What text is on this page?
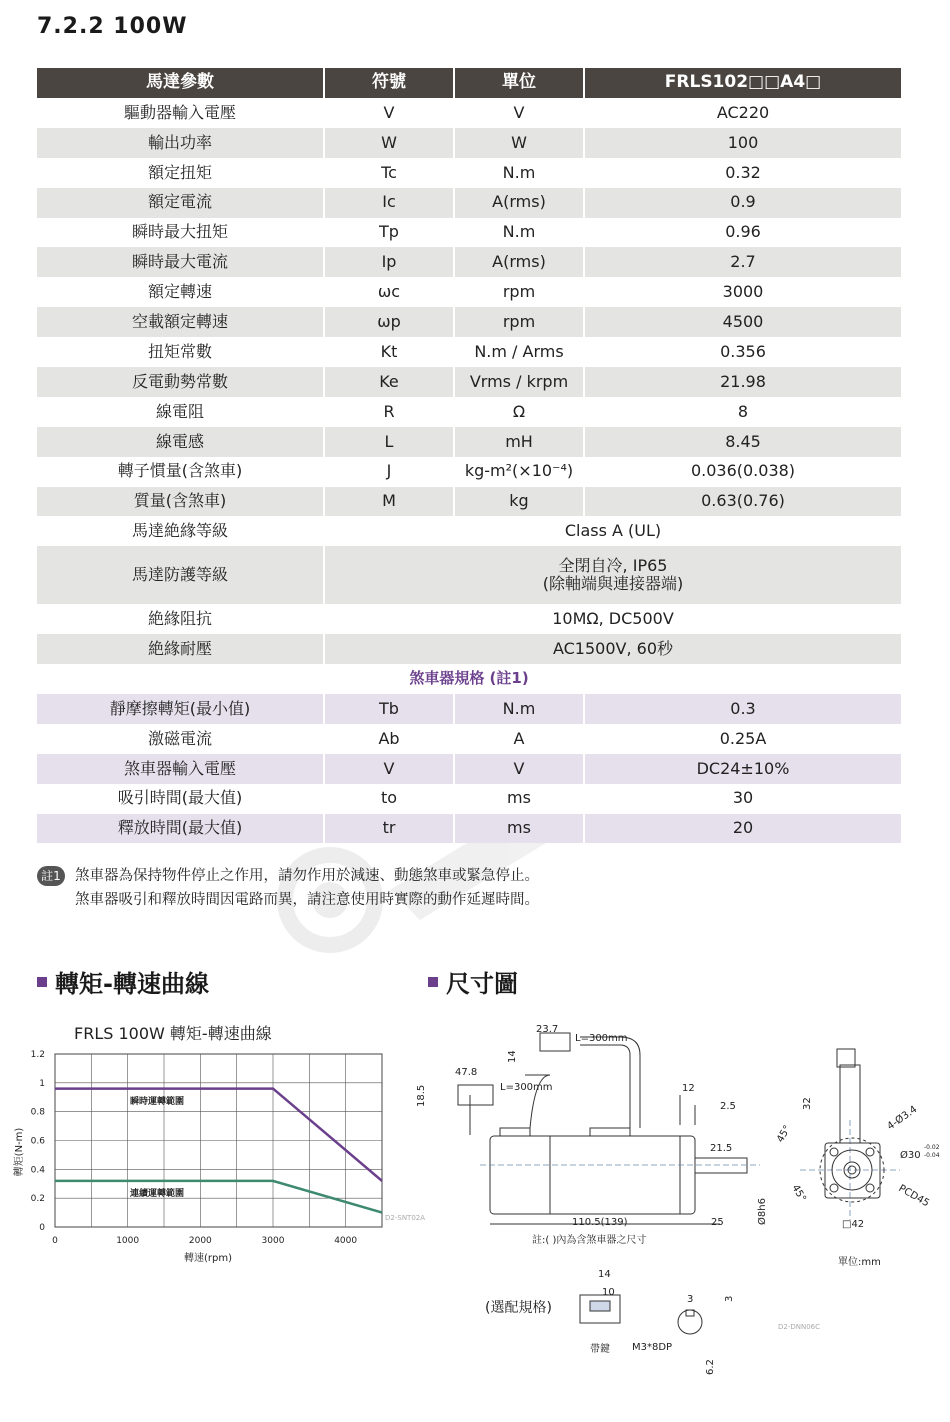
7.2.2 100W
馬達參數	符號	單位	FRLS102□□A4□
驅動器輸入電壓	V	V	AC220
輸出功率	W	W	100
額定扭矩	Tc	N.m	0.32
額定電流	Ic	A(rms)	0.9
瞬時最大扭矩	Tp	N.m	0.96
瞬時最大電流	Ip	A(rms)	2.7
額定轉速	ωc	rpm	3000
空載額定轉速	ωp	rpm	4500
扭矩常數	Kt	N.m / Arms	0.356
反電動勢常數	Ke	Vrms / krpm	21.98
線電阻	R	Ω	8
線電感	L	mH	8.45
轉子慣量(含煞車)	J	kg-m²(×10⁻⁴)	0.036(0.038)
質量(含煞車)	M	kg	0.63(0.76)
馬達絶緣等級	Class A (UL)		
馬達防護等級	全閉自冷, IP65
(除軸端與連接器端)		

絶緣阻抗	10MΩ, DC500V		
絶緣耐壓	AC1500V, 60秒		
煞車器規格 (註1)			
靜摩擦轉矩(最小值)	Tb	N.m	0.3
激磁電流	Ab	A	0.25A
煞車器輸入電壓	V	V	DC24±10%
吸引時間(最大值)	to	ms	30
釋放時間(最大值)	tr	ms	20
註1 煞車器為保持物件停止之作用，請勿作用於減速、動態煞車或緊急停止。
煞車器吸引和釋放時間因電路而異，請注意使用時實際的動作延遲時間。
轉矩-轉速曲線	尺寸圖
FRLS 100W 轉矩-轉速曲線
0
0.2
0.4
0.6
0.8
1
1.2
0	1000	2000	3000	4000
轉矩(N-m)
轉速(rpm)
瞬時運轉範圍
連續運轉範圍
D2-SNT02A
23.7
L=300mm
14
47.8
L=300mm
18.5	12
2.5
21.5
110.5(139)	25	Ø8h6	□42
32
45°
45°
4-Ø3.4
Ø30
-0.02
-0.04
PCD45
註:( )內為含煞車器之尺寸
單位:mm
(選配規格)
14
10
3	3
6.2
帶鍵 M3*8DP
D2-DNN06C
